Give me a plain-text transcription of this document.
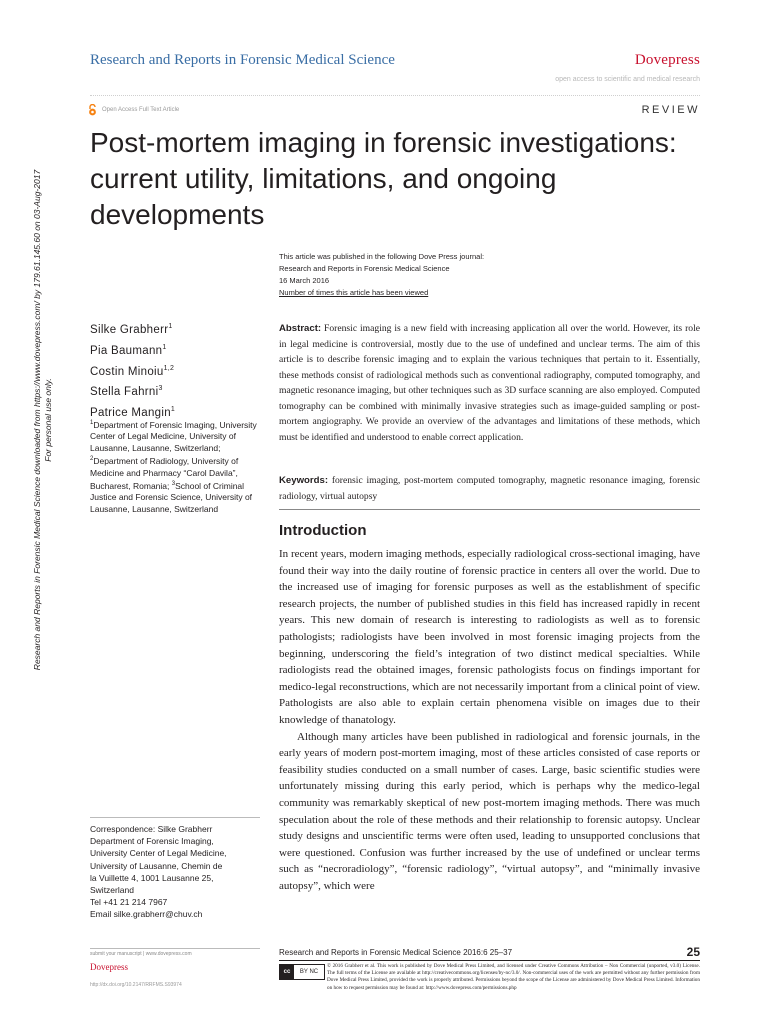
Research and Reports in Forensic Medical Science downloaded from https://www.dovepress.com/ by 179.61.145.60 on 03-Aug-2017 For personal use only.
Research and Reports in Forensic Medical Science	Dovepress
open access to scientific and medical research
Open Access Full Text Article	REVIEW
Post-mortem imaging in forensic investigations: current utility, limitations, and ongoing developments
This article was published in the following Dove Press journal:
Research and Reports in Forensic Medical Science
16 March 2016
Number of times this article has been viewed
Silke Grabherr$^1$
Pia Baumann$^1$
Costin Minoiu$^{1,2}$
Stella Fahrni$^3$
Patrice Mangin$^1$
$^1$Department of Forensic Imaging, University Center of Legal Medicine, University of Lausanne, Lausanne, Switzerland; $^2$Department of Radiology, University of Medicine and Pharmacy “Carol Davila”, Bucharest, Romania; $^3$School of Criminal Justice and Forensic Science, University of Lausanne, Lausanne, Switzerland
Abstract: Forensic imaging is a new field with increasing application all over the world. However, its role in legal medicine is controversial, mostly due to the use of undefined and unclear terms. The aim of this article is to describe forensic imaging and to explain the various techniques that pertain to it. Essentially, these methods consist of radiological methods such as conventional radiography, computed tomography, and magnetic resonance imaging, but other techniques such as 3D surface scanning are also employed. Computed tomography can be combined with minimally invasive strategies such as image-guided sampling or post-mortem angiography. We provide an overview of the advantages and limitations of these methods, which must be identified and understood to enable correct application.
Keywords: forensic imaging, post-mortem computed tomography, magnetic resonance imaging, forensic radiology, virtual autopsy
Introduction

In recent years, modern imaging methods, especially radiological cross-sectional imaging, have found their way into the daily routine of forensic practice in centers all over the world. Due to the increased use of imaging for forensic purposes as well as the establishment of specific research projects, the number of published studies in this field has increased rapidly in recent years. This new domain of research is interesting to radiologists as well as to forensic pathologists; radiologists have been involved in most forensic imaging projects from the beginning, underscoring the field’s integration of two distinct medical specialties. While radiologists read the obtained images, forensic pathologists focus on findings important for medico-legal reconstructions, which are not necessarily important from a clinical point of view. Pathologists are also able to explain certain phenomena visible on images due to their knowledge of thanatology.

Although many articles have been published in radiological and forensic journals, in the early years of modern post-mortem imaging, most of these articles consisted of case reports or feasibility studies conducted on a small number of cases. Large, basic scientific studies were unfortunately missing during this early period, which is perhaps why the medico-legal community was remarkably skeptical of new post-mortem imaging methods. There was much speculation about the role of these methods and their relationship to forensic autopsy. Unclear study designs and unscientific terms were often used, leading to unsupported conclusions that were questioned. Confusion was further increased by the use of undefined or unclear terms such as “necroradiology”, “forensic radiology”, “virtual autopsy”, and “minimally invasive autopsy”, which were

Correspondence: Silke Grabherr
Department of Forensic Imaging,
University Center of Legal Medicine,
University of Lausanne, Chemin de
la Vuillette 4, 1001 Lausanne 25,
Switzerland
Tel +41 21 214 7967
Email silke.grabherr@chuv.ch
submit your manuscript | www.dovepress.com
Dovepress
http://dx.doi.org/10.2147/RRFMS.S93974
Research and Reports in Forensic Medical Science 2016:6 25–37	25
cc	BY NC
© 2016 Grabherr et al. This work is published by Dove Medical Press Limited, and licensed under Creative Commons Attribution – Non Commercial (unported, v3.0) License. The full terms of the License are available at http://creativecommons.org/licenses/by-nc/3.0/. Non-commercial uses of the work are permitted without any further permission from Dove Medical Press Limited, provided the work is properly attributed. Permissions beyond the scope of the License are administered by Dove Medical Press Limited. Information on how to request permission may be found at: http://www.dovepress.com/permissions.php
